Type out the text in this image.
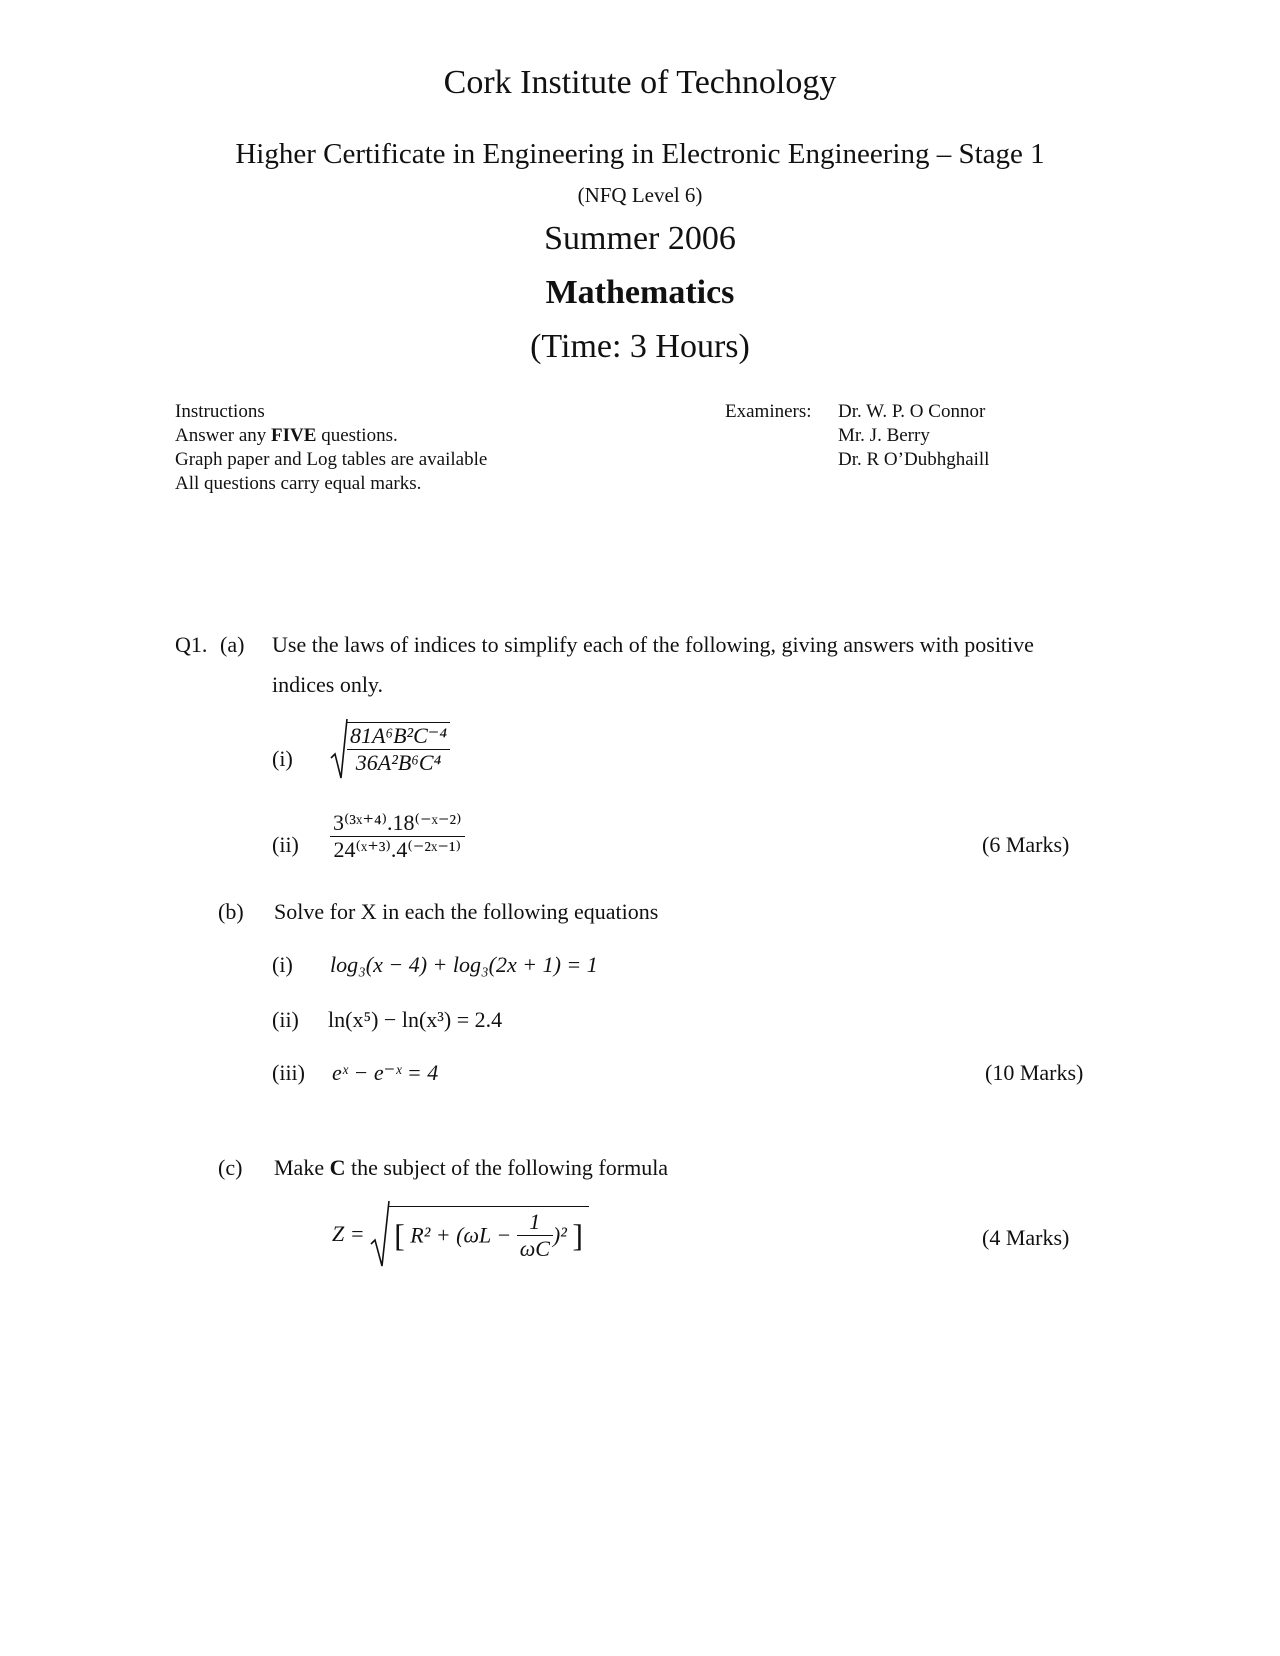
Cork Institute of Technology
Higher Certificate in Engineering in Electronic Engineering – Stage 1
(NFQ Level 6)
Summer 2006
Mathematics
(Time: 3 Hours)
Instructions
Answer any FIVE questions.
Graph paper and Log tables are available
All questions carry equal marks.
Examiners: Dr. W. P. O Connor
Mr. J. Berry
Dr. R O’Dubhghaill
Q1. (a) Use the laws of indices to simplify each of the following, giving answers with positive
indices only.
$(i) \frac{\text{81A⁶B²C⁻⁴}}{\text{36A²B⁶C⁴}}$
$(ii) \frac{\text{3⁽³ˣ⁺⁴⁾.18⁽⁻ˣ⁻²⁾}}{\text{24⁽ˣ⁺³⁾.4⁽⁻²ˣ⁻¹⁾}}$	(6 Marks)
(b) Solve for X in each the following equations
(i) log₃(x − 4) + log₃(2x + 1) = 1
(ii) ln(x⁵) − ln(x³) = 2.4
(iii) eˣ − e⁻ˣ = 4	(10 Marks)
(c) Make C the subject of the following formula
Z = [ $R^2 + (\omega L - \frac{1}{\omega C} )^2$ ]	(4 Marks)
